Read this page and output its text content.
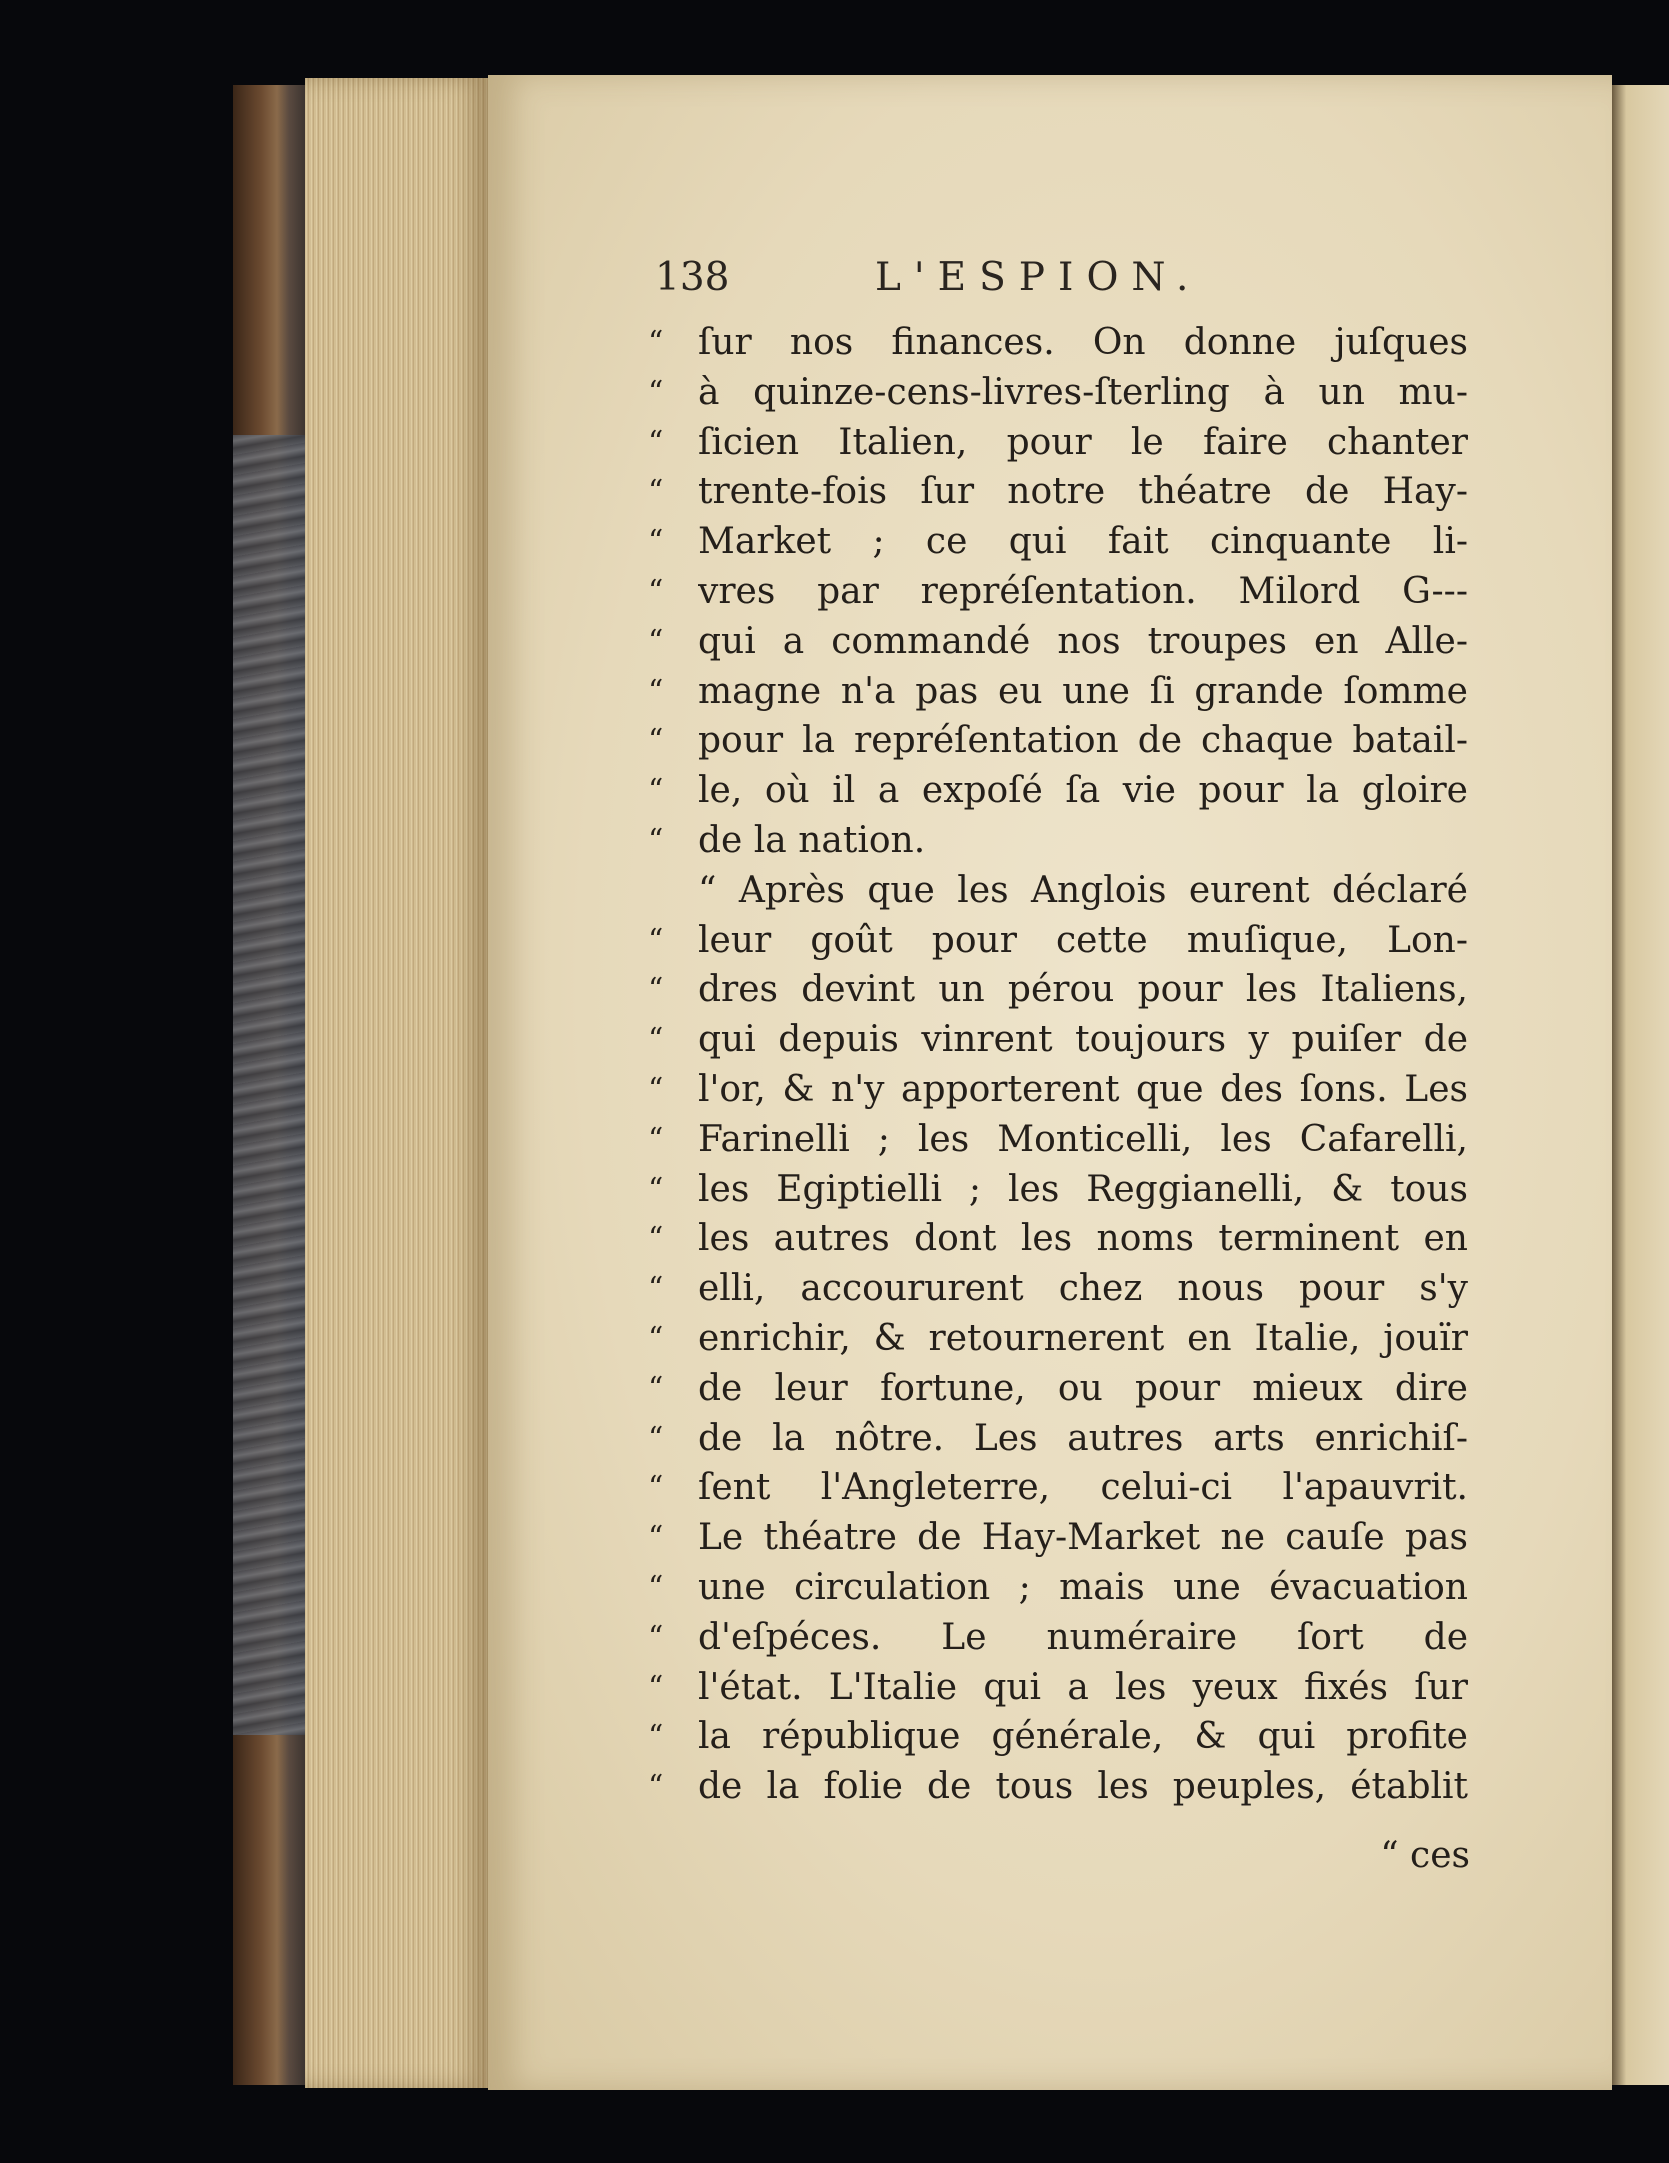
138	L'ESPION.
“ ſur nos finances. On donne juſques
“ à quinze-cens-livres-ſterling à un mu-
“ ſicien Italien, pour le faire chanter
“ trente-fois ſur notre théatre de Hay-
“ Market ; ce qui fait cinquante li-
“ vres par repréſentation. Milord G---
“ qui a commandé nos troupes en Alle-
“ magne n'a pas eu une ſi grande ſomme
“ pour la repréſentation de chaque batail-
“ le, où il a expoſé ſa vie pour la gloire
“ de la nation.
“ Après que les Anglois eurent déclaré
“ leur goût pour cette muſique, Lon-
“ dres devint un pérou pour les Italiens,
“ qui depuis vinrent toujours y puiſer de
“ l'or, & n'y apporterent que des ſons. Les
“ Farinelli ; les Monticelli, les Cafarelli,
“ les Egiptielli ; les Reggianelli, & tous
“ les autres dont les noms terminent en
“ elli, accoururent chez nous pour s'y
“ enrichir, & retournerent en Italie, jouïr
“ de leur fortune, ou pour mieux dire
“ de la nôtre. Les autres arts enrichiſ-
“ ſent l'Angleterre, celui-ci l'apauvrit.
“ Le théatre de Hay-Market ne cauſe pas
“ une circulation ; mais une évacuation
“ d'eſpéces. Le numéraire ſort de
“ l'état. L'Italie qui a les yeux fixés ſur
“ la république générale, & qui profite
“ de la folie de tous les peuples, établit
“ ces
